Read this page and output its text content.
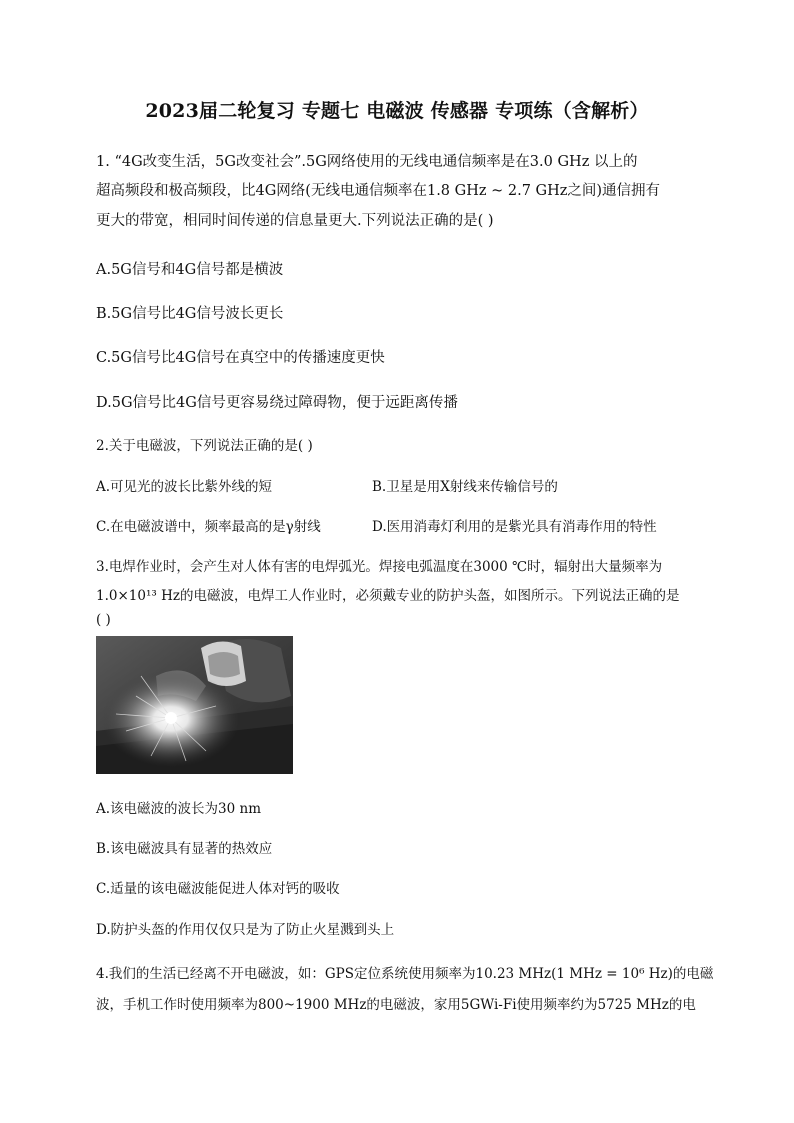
2023届二轮复习 专题七 电磁波 传感器 专项练（含解析）
1. “4G改变生活，5G改变社会”.5G网络使用的无线电通信频率是在3.0 GHz 以上的
超高频段和极高频段，比4G网络(无线电通信频率在1.8 GHz ~ 2.7 GHz之间)通信拥有
更大的带宽，相同时间传递的信息量更大.下列说法正确的是( )
A.5G信号和4G信号都是横波
B.5G信号比4G信号波长更长
C.5G信号比4G信号在真空中的传播速度更快
D.5G信号比4G信号更容易绕过障碍物，便于远距离传播
2.关于电磁波，下列说法正确的是( )
A.可见光的波长比紫外线的短	B.卫星是用X射线来传输信号的
C.在电磁波谱中，频率最高的是γ射线	D.医用消毒灯利用的是紫光具有消毒作用的特性
3.电焊作业时，会产生对人体有害的电焊弧光。焊接电弧温度在3000 ℃时，辐射出大量频率为
1.0×10¹³ Hz的电磁波，电焊工人作业时，必须戴专业的防护头盔，如图所示。下列说法正确的是
( )
A.该电磁波的波长为30 nm
B.该电磁波具有显著的热效应
C.适量的该电磁波能促进人体对钙的吸收
D.防护头盔的作用仅仅只是为了防止火星溅到头上
4.我们的生活已经离不开电磁波，如：GPS定位系统使用频率为10.23 MHz(1 MHz = 10⁶ Hz)的电磁
波，手机工作时使用频率为800~1900 MHz的电磁波，家用5GWi-Fi使用频率约为5725 MHz的电
